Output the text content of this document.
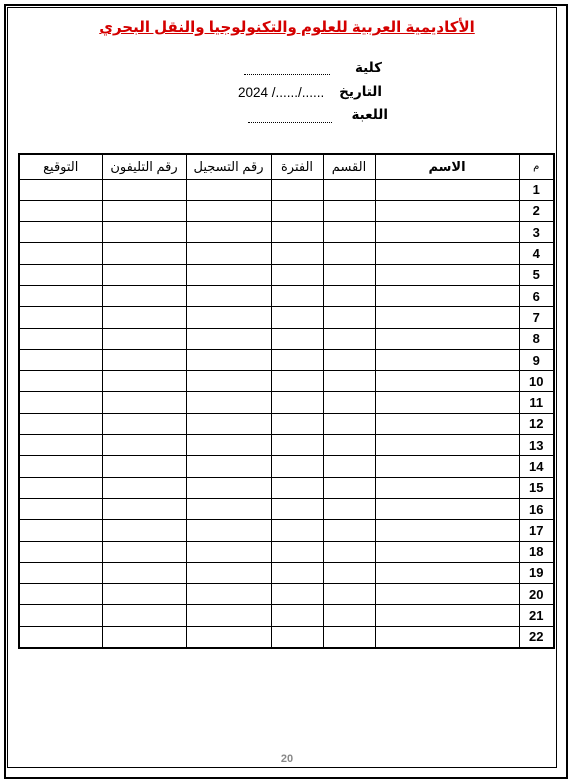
الأكاديمية العربية للعلوم والتكنولوجيا والنقل البحري
كلية
التاريخ
2024 /....../......
اللعبة
م	الاسم	القسم	الفترة	رقم التسجيل	رقم التليفون	التوقيع
1						
2						
3						
4						
5						
6						
7						
8						
9						
10						
11						
12						
13						
14						
15						
16						
17						
18						
19						
20						
21						
22						
20
